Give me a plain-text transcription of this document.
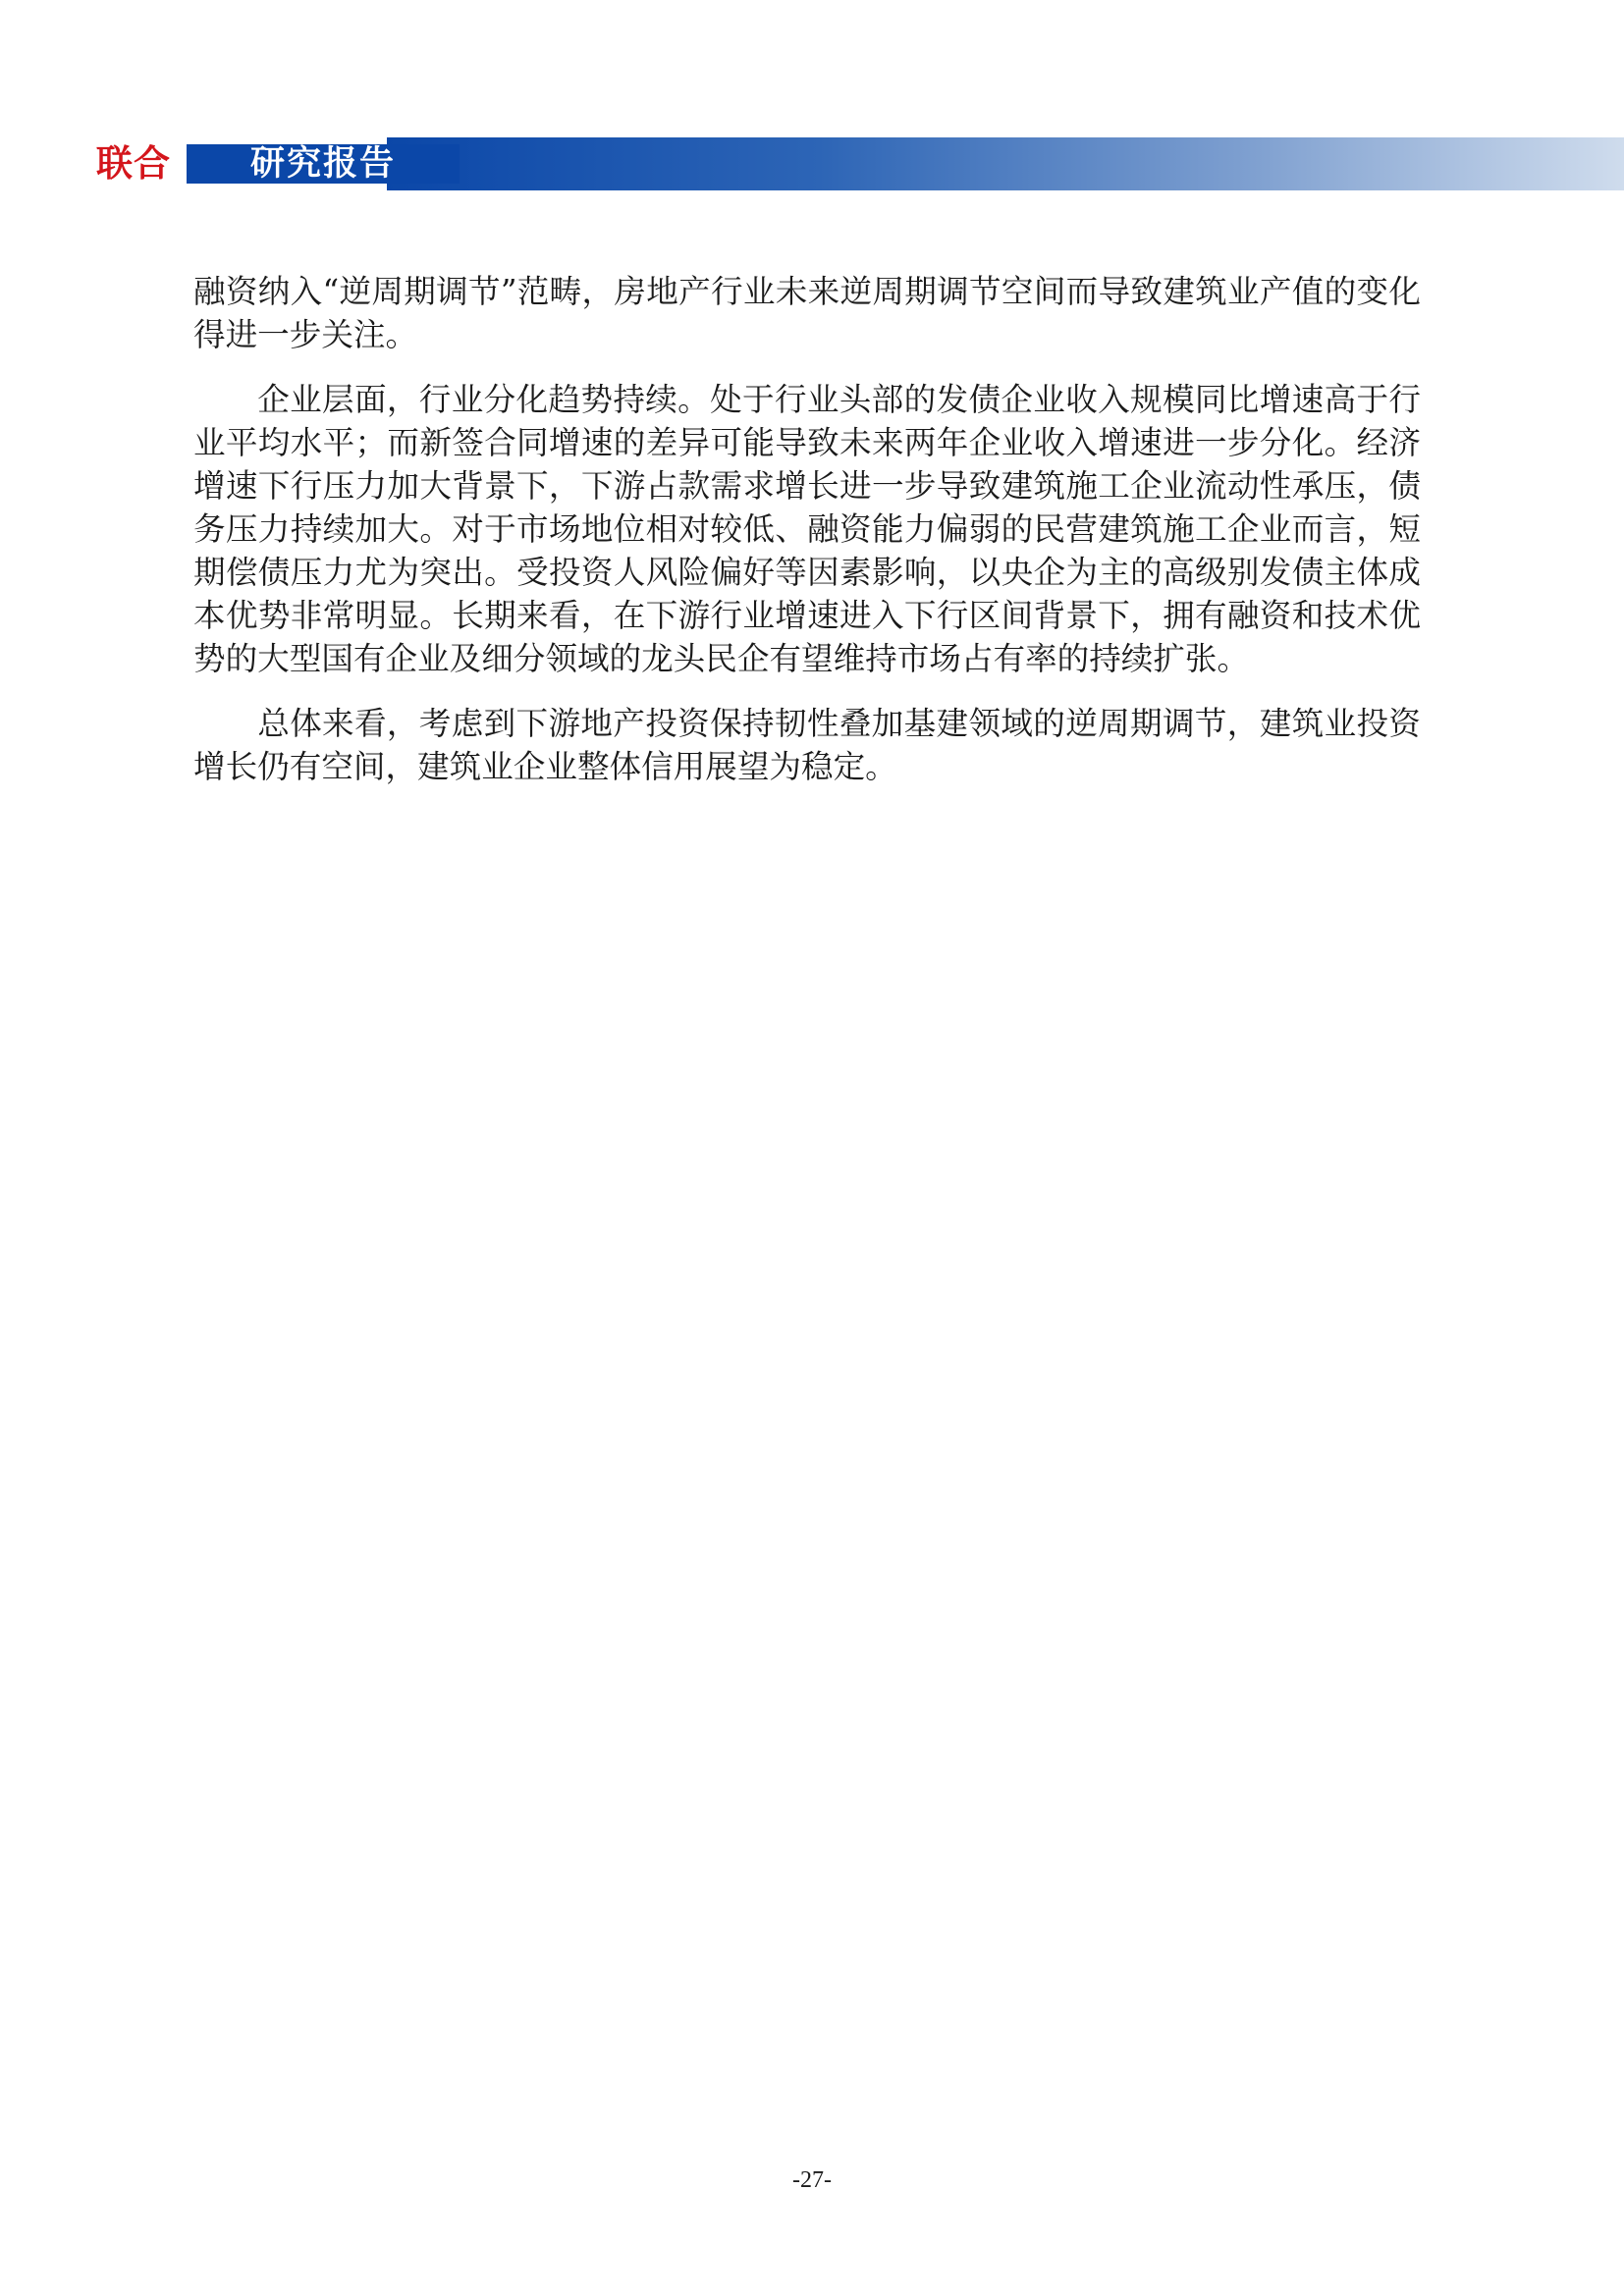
联合	研究报告

融资纳入“逆周期调节”范畴，房地产行业未来逆周期调节空间而导致建筑业产值的变化得进一步关注。

企业层面，行业分化趋势持续。处于行业头部的发债企业收入规模同比增速高于行业平均水平；而新签合同增速的差异可能导致未来两年企业收入增速进一步分化。经济增速下行压力加大背景下，下游占款需求增长进一步导致建筑施工企业流动性承压，债务压力持续加大。对于市场地位相对较低、融资能力偏弱的民营建筑施工企业而言，短期偿债压力尤为突出。受投资人风险偏好等因素影响，以央企为主的高级别发债主体成本优势非常明显。长期来看，在下游行业增速进入下行区间背景下，拥有融资和技术优势的大型国有企业及细分领域的龙头民企有望维持市场占有率的持续扩张。

总体来看，考虑到下游地产投资保持韧性叠加基建领域的逆周期调节，建筑业投资增长仍有空间，建筑业企业整体信用展望为稳定。

-27-
